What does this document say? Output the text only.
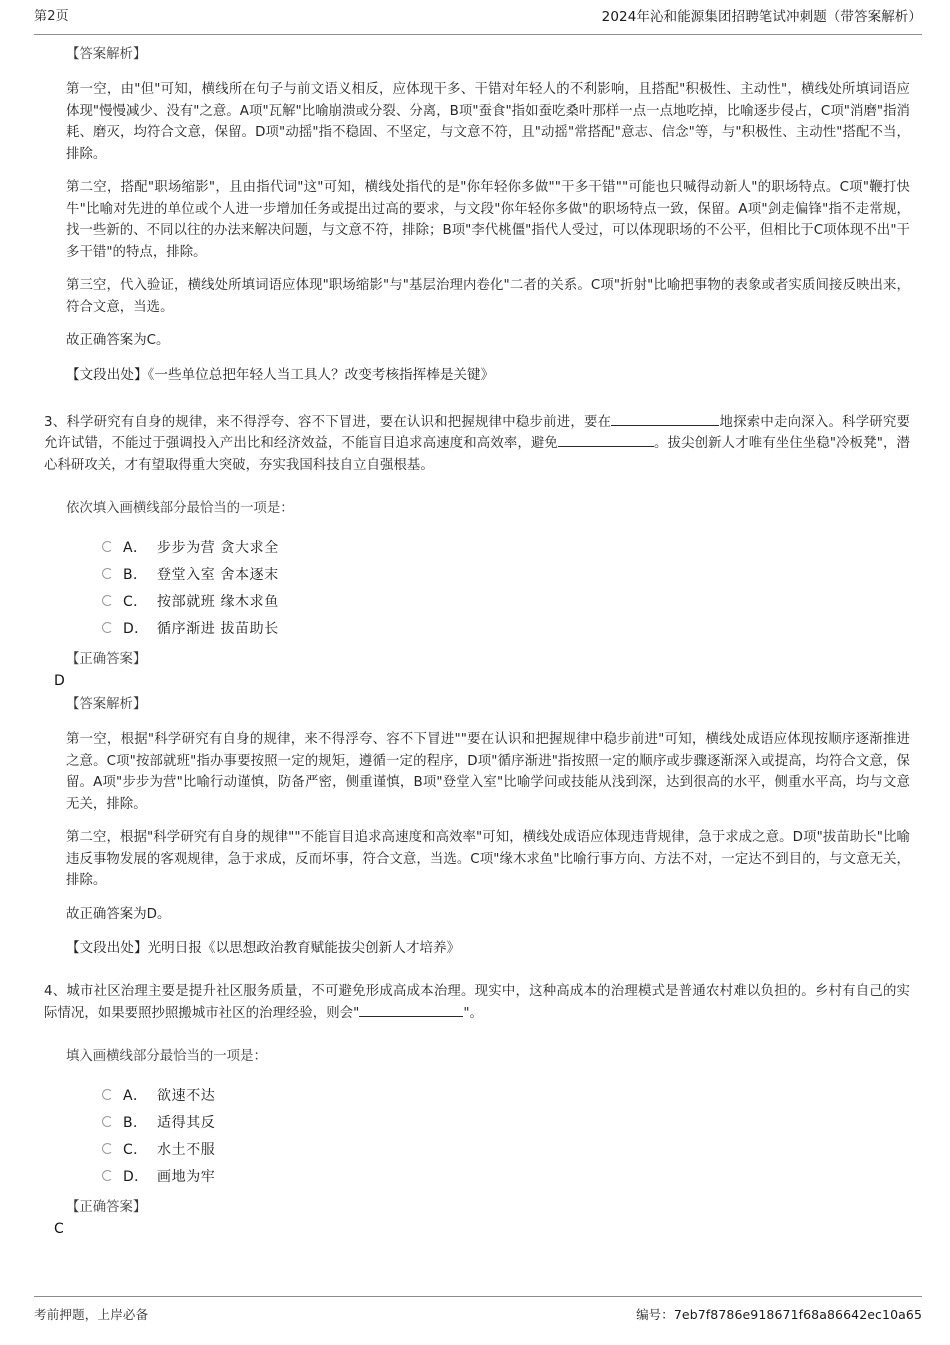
第2页	2024年沁和能源集团招聘笔试冲刺题（带答案解析）

【答案解析】

第一空，由"但"可知，横线所在句子与前文语义相反，应体现干多、干错对年轻人的不利影响，且搭配"积极性、主动性"，横线处所填词语应体现"慢慢减少、没有"之意。A项"瓦解"比喻崩溃或分裂、分离，B项"蚕食"指如蚕吃桑叶那样一点一点地吃掉，比喻逐步侵占，C项"消磨"指消耗、磨灭，均符合文意，保留。D项"动摇"指不稳固、不坚定，与文意不符，且"动摇"常搭配"意志、信念"等，与"积极性、主动性"搭配不当，排除。

第二空，搭配"职场缩影"，且由指代词"这"可知，横线处指代的是"你年轻你多做""干多干错""可能也只喊得动新人"的职场特点。C项"鞭打快牛"比喻对先进的单位或个人进一步增加任务或提出过高的要求，与文段"你年轻你多做"的职场特点一致，保留。A项"剑走偏锋"指不走常规，找一些新的、不同以往的办法来解决问题，与文意不符，排除；B项"李代桃僵"指代人受过，可以体现职场的不公平，但相比于C项体现不出"干多干错"的特点，排除。

第三空，代入验证，横线处所填词语应体现"职场缩影"与"基层治理内卷化"二者的关系。C项"折射"比喻把事物的表象或者实质间接反映出来，符合文意，当选。

故正确答案为C。

【文段出处】《一些单位总把年轻人当工具人？改变考核指挥棒是关键》

3、科学研究有自身的规律，来不得浮夸、容不下冒进，要在认识和把握规律中稳步前进，要在	地探索中走向深入。科学研究要允许试错，不能过于强调投入产出比和经济效益，不能盲目追求高速度和高效率，避免	。拔尖创新人才唯有坐住坐稳"冷板凳"，潜心科研攻关，才有望取得重大突破，夯实我国科技自立自强根基。

依次填入画横线部分最恰当的一项是：

A． 步步为营 贪大求全
B． 登堂入室 舍本逐末
C． 按部就班 缘木求鱼
D． 循序渐进 拔苗助长

【正确答案】

D

【答案解析】

第一空，根据"科学研究有自身的规律，来不得浮夸、容不下冒进""要在认识和把握规律中稳步前进"可知，横线处成语应体现按顺序逐渐推进之意。C项"按部就班"指办事要按照一定的规矩，遵循一定的程序，D项"循序渐进"指按照一定的顺序或步骤逐渐深入或提高，均符合文意，保留。A项"步步为营"比喻行动谨慎，防备严密，侧重谨慎，B项"登堂入室"比喻学问或技能从浅到深，达到很高的水平，侧重水平高，均与文意无关，排除。

第二空，根据"科学研究有自身的规律""不能盲目追求高速度和高效率"可知，横线处成语应体现违背规律，急于求成之意。D项"拔苗助长"比喻违反事物发展的客观规律，急于求成，反而坏事，符合文意，当选。C项"缘木求鱼"比喻行事方向、方法不对，一定达不到目的，与文意无关，排除。

故正确答案为D。

【文段出处】光明日报《以思想政治教育赋能拔尖创新人才培养》

4、城市社区治理主要是提升社区服务质量，不可避免形成高成本治理。现实中，这种高成本的治理模式是普通农村难以负担的。乡村有自己的实际情况，如果要照抄照搬城市社区的治理经验，则会"	"。

填入画横线部分最恰当的一项是：

A． 欲速不达
B． 适得其反
C． 水土不服
D． 画地为牢

【正确答案】

C

考前押题，上岸必备	编号：7eb7f8786e918671f68a86642ec10a65
